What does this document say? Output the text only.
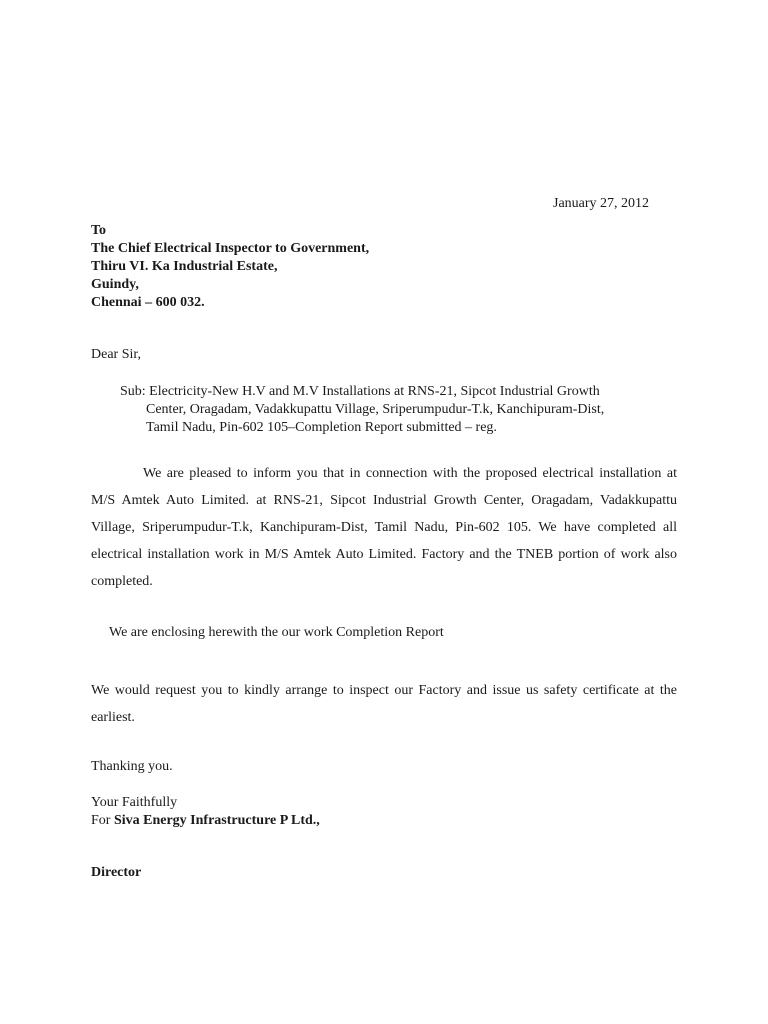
January 27, 2012
To
The Chief Electrical Inspector to Government,
Thiru VI. Ka Industrial Estate,
Guindy,
Chennai – 600 032.
Dear Sir,
Sub: Electricity-New H.V and M.V Installations at RNS-21, Sipcot Industrial Growth
Center, Oragadam, Vadakkupattu Village, Sriperumpudur-T.k, Kanchipuram-Dist,
Tamil Nadu, Pin-602 105–Completion Report submitted – reg.
We are pleased to inform you that in connection with the proposed electrical installation at M/S Amtek Auto Limited. at RNS-21, Sipcot Industrial Growth Center, Oragadam, Vadakkupattu Village, Sriperumpudur-T.k, Kanchipuram-Dist, Tamil Nadu, Pin-602 105. We have completed all electrical installation work in M/S Amtek Auto Limited. Factory and the TNEB portion of work also completed.
We are enclosing herewith the our work Completion Report
We would request you to kindly arrange to inspect our Factory and issue us safety certificate at the earliest.
Thanking you.
Your Faithfully
For Siva Energy Infrastructure P Ltd.,
Director
